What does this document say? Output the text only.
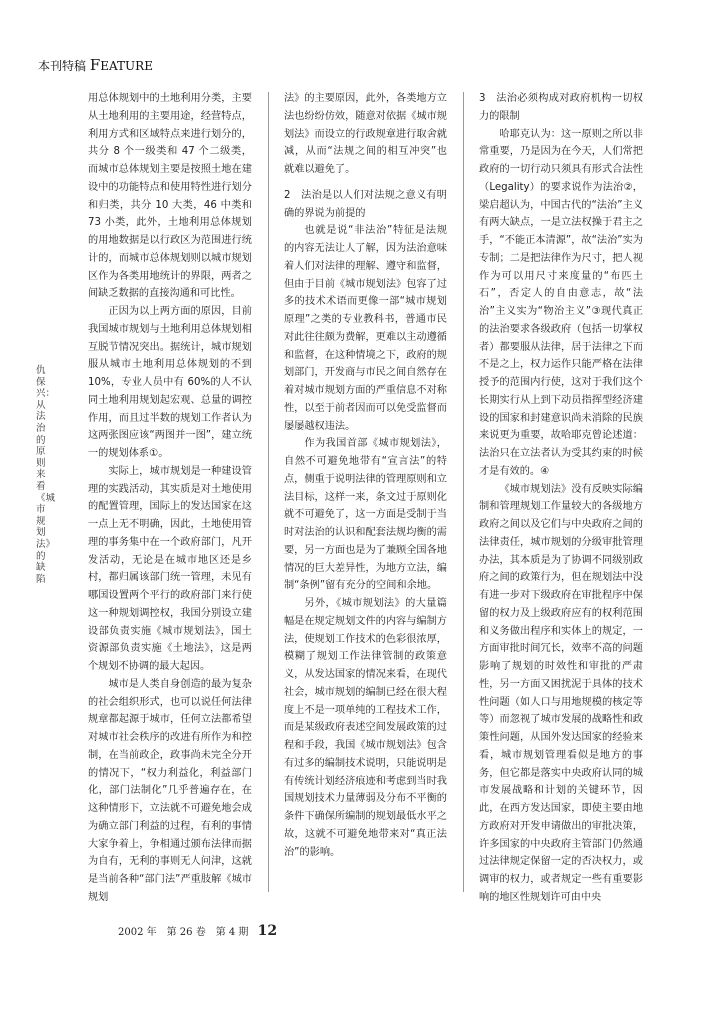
本刊特稿 FEATURE
仇保兴：从法治的原则来看《城市规划法》的缺陷

用总体规划中的土地利用分类，主要从土地利用的主要用途，经营特点，利用方式和区域特点来进行划分的，共分 8 个一级类和 47 个二级类，而城市总体规划主要是按照土地在建设中的功能特点和使用特性进行划分和归类，共分 10 大类，46 中类和 73 小类，此外，土地利用总体规划的用地数据是以行政区为范围进行统计的，而城市总体规划则以城市规划区作为各类用地统计的界限，两者之间缺乏数据的直接沟通和可比性。

正因为以上两方面的原因，目前我国城市规划与土地利用总体规划相互脱节情况突出。据统计，城市规划服从城市土地利用总体规划的不到 10%，专业人员中有 60%的人不认同土地利用规划起宏观、总量的调控作用，而且过半数的规划工作者认为这两张图应该“两图并一图”，建立统一的规划体系①。

实际上，城市规划是一种建设管理的实践活动，其实质是对土地使用的配置管理，国际上的发达国家在这一点上无不明确，因此，土地使用管理的事务集中在一个政府部门，凡开发活动，无论是在城市地区还是乡村，都归属该部门统一管理，未见有哪国设置两个平行的政府部门来行使这一种规划调控权，我国分别设立建设部负责实施《城市规划法》，国土资源部负责实施《土地法》，这是两个规划不协调的最大起因。

城市是人类自身创造的最为复杂的社会组织形式，也可以说任何法律规章都起源于城市，任何立法都希望对城市社会秩序的改进有所作为和控制，在当前政企，政事尚未完全分开的情况下，“权力利益化，利益部门化，部门法制化”几乎普遍存在，在这种情形下，立法就不可避免地会成为确立部门利益的过程，有利的事情大家争着上，争相通过颁布法律而据为自有，无利的事则无人问津，这就是当前各种“部门法”严重肢解《城市规划

法》的主要原因，此外，各类地方立法也纷纷仿效，随意对依据《城市规划法》而设立的行政规章进行取舍就减，从而“法规之间的相互冲突”也就难以避免了。

2　法治是以人们对法规之意义有明确的界说为前提的

也就是说“非法治”特征是法规的内容无法让人了解，因为法治意味着人们对法律的理解、遵守和监督，但由于目前《城市规划法》包容了过多的技术术语而更像一部“城市规划原理”之类的专业教科书，普通市民对此往往颇为费解，更难以主动遵循和监督，在这种情境之下，政府的规划部门，开发商与市民之间自然存在着对城市规划方面的严重信息不对称性，以至于前者因而可以免受监督而屡屡越权违法。

作为我国首部《城市规划法》，自然不可避免地带有“宣言法”的特点，侧重于说明法律的管理原则和立法目标，这样一来，条文过于原则化就不可避免了，这一方面是受制于当时对法治的认识和配套法规均衡的需要，另一方面也是为了兼顾全国各地情况的巨大差异性，为地方立法，编制“条例”留有充分的空间和余地。

另外，《城市规划法》的大量篇幅是在规定规划文件的内容与编制方法，使规划工作技术的色彩很浓厚，模糊了规划工作法律管制的政策意义，从发达国家的情况来看，在现代社会，城市规划的编制已经在很大程度上不是一项单纯的工程技术工作，而是某级政府表述空间发展政策的过程和手段，我国《城市规划法》包含有过多的编制技术说明，只能说明是有传统计划经济痕迹和考虑到当时我国规划技术力量薄弱及分布不平衡的条件下确保所编制的规划最低水平之故，这就不可避免地带来对“真正法治”的影响。

3　法治必须构成对政府机构一切权力的限制

哈耶克认为：这一原则之所以非常重要，乃是因为在今天，人们常把政府的一切行动只须具有形式合法性（Legality）的要求说作为法治②，梁启超认为，中国古代的“法治”主义有两大缺点，一是立法权操于君主之手，“不能正本清源”，故“法治”实为专制；二是把法律作为尺寸，把人视作为可以用尺寸来度量的“布匹土石”，否定人的自由意志，故“法治”主义实为“物治主义”③现代真正的法治要求各级政府（包括一切掌权者）都要服从法律，居于法律之下而不是之上，权力运作只能严格在法律授予的范围内行使，这对于我们这个长期实行从上到下动员指挥型经济建设的国家和封建意识尚未消除的民族来说更为重要，故哈耶克曾论述道：法治只在立法者认为受其约束的时候才是有效的。④

《城市规划法》没有反映实际编制和管理规划工作量较大的各级地方政府之间以及它们与中央政府之间的法律责任，城市规划的分级审批管理办法，其本质是为了协调不同级别政府之间的政策行为，但在规划法中没有进一步对下级政府在审批程序中保留的权力及上级政府应有的权利范围和义务做出程序和实体上的规定，一方面审批时间冗长，效率不高的问题影响了规划的时效性和审批的严肃性，另一方面又困扰泥于具体的技术性问题（如人口与用地规模的核定等等）而忽视了城市发展的战略性和政策性问题，从国外发达国家的经验来看，城市规划管理看似是地方的事务，但它都是落实中央政府认同的城市发展战略和计划的关键环节，因此，在西方发达国家，即使主要由地方政府对开发申请做出的审批决策，许多国家的中央政府主管部门仍然通过法律规定保留一定的否决权力，或调审的权力，或者规定一些有重要影响的地区性规划许可由中央

2002 年　第 26 卷　第 4 期 12
